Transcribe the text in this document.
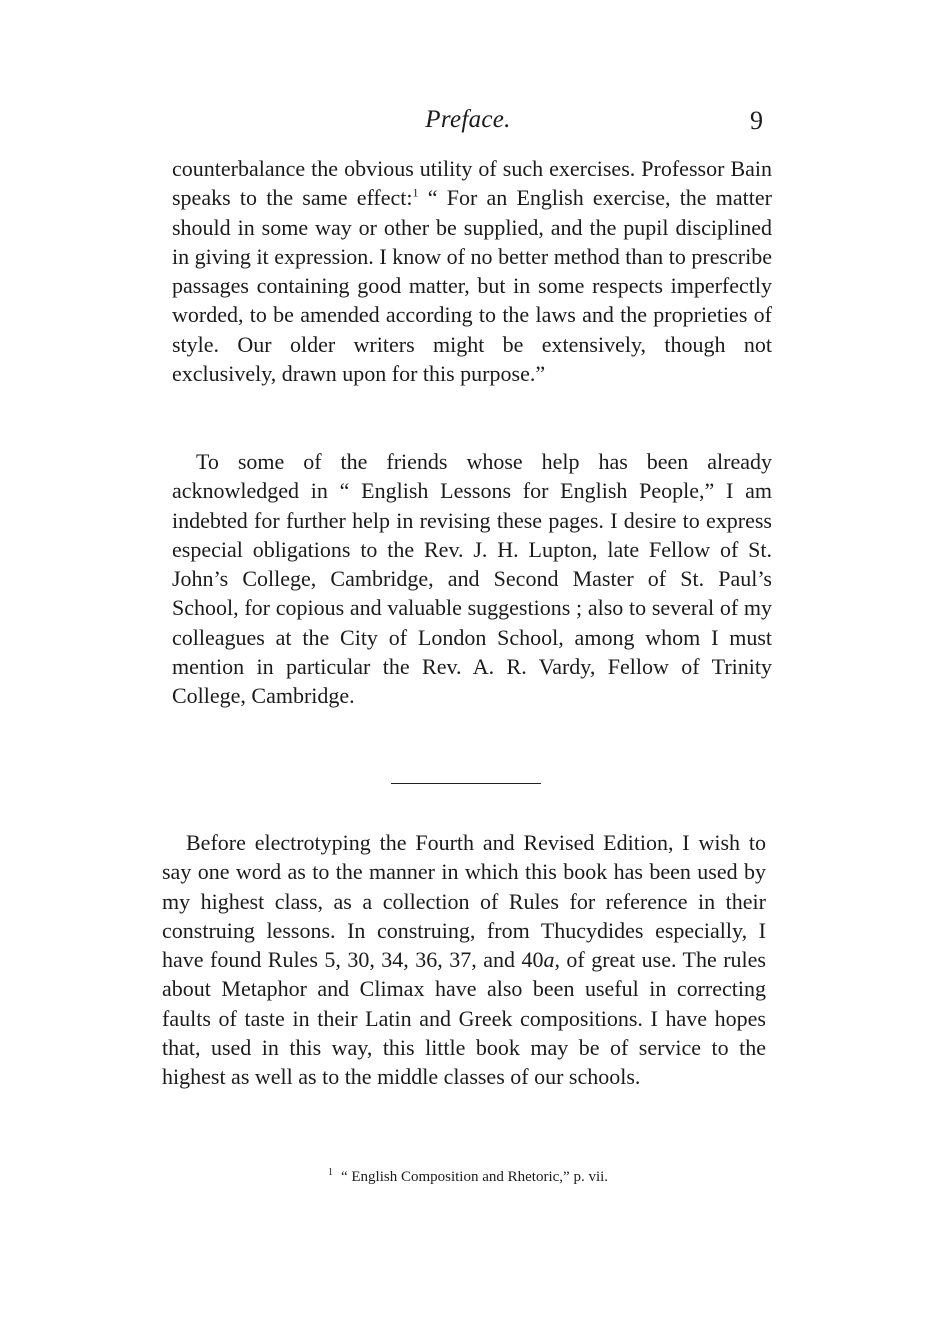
Preface.	9

counterbalance the obvious utility of such exercises. Professor Bain speaks to the same effect:$^1$ “ For an English exercise, the matter should in some way or other be supplied, and the pupil disciplined in giving it expression. I know of no better method than to prescribe passages containing good matter, but in some respects imperfectly worded, to be amended according to the laws and the proprieties of style. Our older writers might be extensively, though not exclusively, drawn upon for this purpose.”

To some of the friends whose help has been already acknowledged in “ English Lessons for English People,” I am indebted for further help in revising these pages. I desire to express especial obligations to the Rev. J. H. Lupton, late Fellow of St. John’s College, Cambridge, and Second Master of St. Paul’s School, for copious and valuable suggestions ; also to several of my colleagues at the City of London School, among whom I must mention in particular the Rev. A. R. Vardy, Fellow of Trinity College, Cambridge.

Before electrotyping the Fourth and Revised Edition, I wish to say one word as to the manner in which this book has been used by my highest class, as a collection of Rules for reference in their construing lessons. In construing, from Thucydides especially, I have found Rules 5, 30, 34, 36, 37, and 40a, of great use. The rules about Metaphor and Climax have also been useful in correcting faults of taste in their Latin and Greek compositions. I have hopes that, used in this way, this little book may be of service to the highest as well as to the middle classes of our schools.

$^1$ “ English Composition and Rhetoric,” p. vii.
